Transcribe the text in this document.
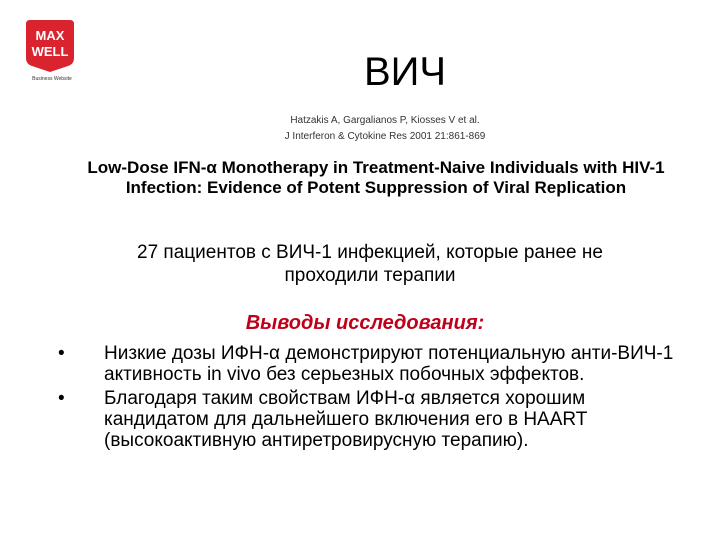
MAX
WELL
Business Website	ВИЧ
Hatzakis A, Gargalianos P, Kiosses V et al.
J Interferon & Cytokine Res 2001 21:861-869
Low-Dose IFN-α Monotherapy in Treatment-Naive Individuals with HIV-1 Infection: Evidence of Potent Suppression of Viral Replication
27 пациентов с ВИЧ-1 инфекцией, которые ранее не проходили терапии
Выводы исследования:
•	Низкие дозы ИФН-α демонстрируют потенциальную анти-ВИЧ-1 активность in vivo без серьезных побочных эффектов.
•	Благодаря таким свойствам ИФН-α является хорошим кандидатом для дальнейшего включения его в HAART (высокоактивную антиретровирусную терапию).
